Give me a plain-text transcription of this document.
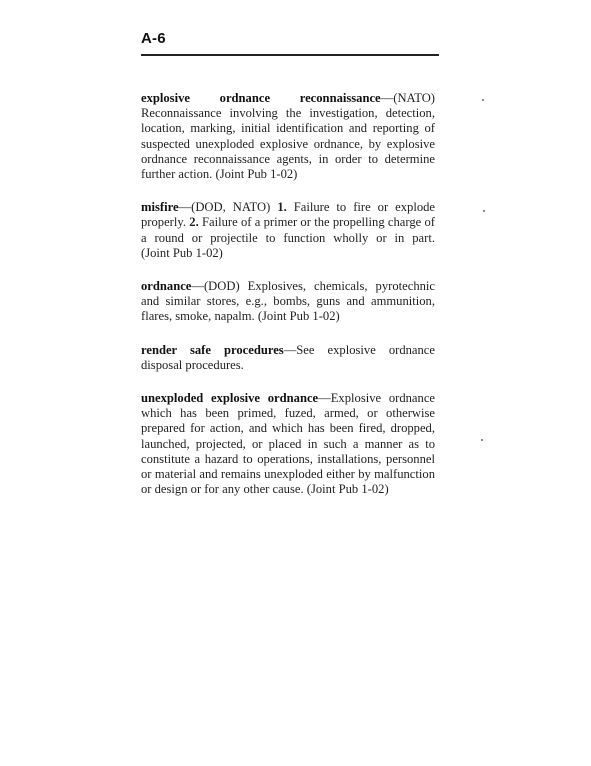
A-6

explosive ordnance reconnaissance—(NATO) Reconnaissance involving the investigation, detection, location, marking, initial identification and reporting of suspected unexploded explosive ordnance, by explosive ordnance reconnaissance agents, in order to determine further action. (Joint Pub 1-02)

misfire—(DOD, NATO) 1. Failure to fire or explode properly. 2. Failure of a primer or the propelling charge of a round or projectile to function wholly or in part. (Joint Pub 1-02)

ordnance—(DOD) Explosives, chemicals, pyrotechnic and similar stores, e.g., bombs, guns and ammunition, flares, smoke, napalm. (Joint Pub 1-02)

render safe procedures—See explosive ordnance disposal procedures.

unexploded explosive ordnance—Explosive ordnance which has been primed, fuzed, armed, or otherwise prepared for action, and which has been fired, dropped, launched, projected, or placed in such a manner as to constitute a hazard to operations, installations, personnel or material and remains unexploded either by malfunction or design or for any other cause. (Joint Pub 1-02)
